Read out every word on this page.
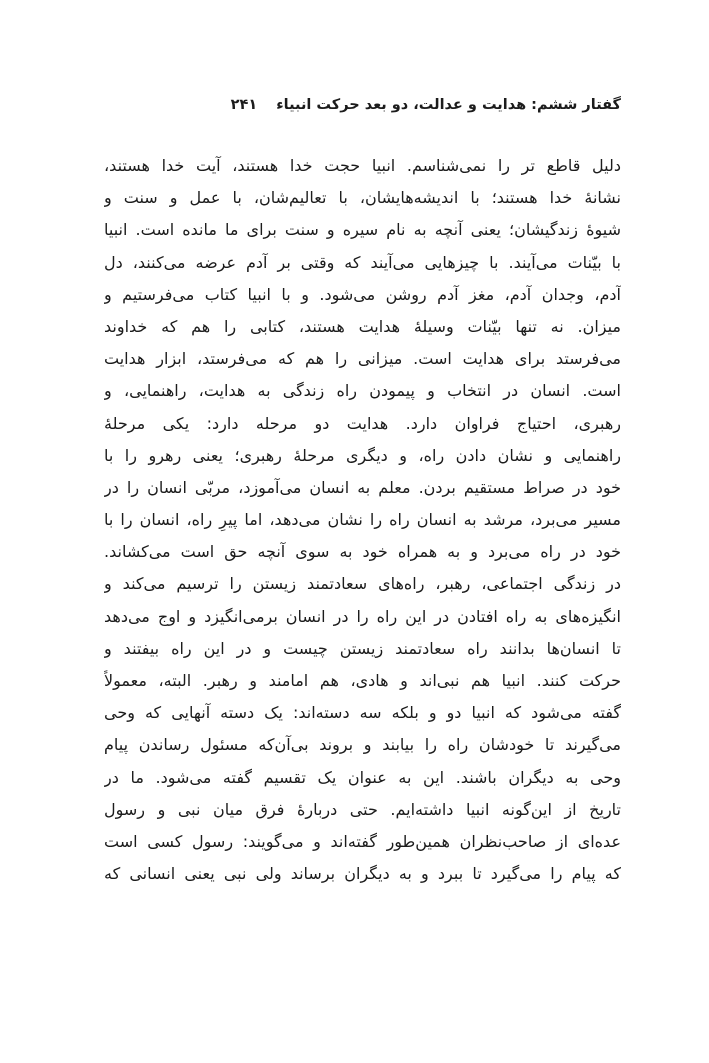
گفتار ششم: هدایت و عدالت، دو بعد حرکت انبیاء ۲۴۱
دلیل قاطع تر را نمی‌شناسم. انبیا حجت خدا هستند، آیت خدا هستند،
نشانهٔ خدا هستند؛ با اندیشه‌هایشان، با تعالیم‌شان، با عمل و سنت و
شیوهٔ زندگیشان؛ یعنی آنچه به نام سیره و سنت برای ما مانده است. انبیا
با بیّنات می‌آیند. با چیزهایی می‌آیند که وقتی بر آدم عرضه می‌کنند، دل
آدم، وجدان آدم، مغز آدم روشن می‌شود. و با انبیا کتاب می‌فرستیم و
میزان. نه تنها بیّنات وسیلهٔ هدایت هستند، کتابی را هم که خداوند
می‌فرستد برای هدایت است. میزانی را هم که می‌فرستد، ابزار هدایت
است. انسان در انتخاب و پیمودن راه زندگی به هدایت، راهنمایی، و
رهبری، احتیاج فراوان دارد. هدایت دو مرحله دارد: یکی مرحلهٔ
راهنمایی و نشان دادن راه، و دیگری مرحلهٔ رهبری؛ یعنی رهرو را با
خود در صراط مستقیم بردن. معلم به انسان می‌آموزد، مربّی انسان را در
مسیر می‌برد، مرشد به انسان راه را نشان می‌دهد، اما پیرِ راه، انسان را با
خود در راه می‌برد و به همراه خود به سوی آنچه حق است می‌کشاند.
در زندگی اجتماعی، رهبر، راه‌های سعادتمند زیستن را ترسیم می‌کند و
انگیزه‌های به راه افتادن در این راه را در انسان برمی‌انگیزد و اوج می‌دهد
تا انسان‌ها بدانند راه سعادتمند زیستن چیست و در این راه بیفتند و
حرکت کنند. انبیا هم نبی‌اند و هادی، هم امامند و رهبر. البته، معمولاً
گفته می‌شود که انبیا دو و بلکه سه دسته‌اند: یک دسته آنهایی که وحی
می‌گیرند تا خودشان راه را بیابند و بروند بی‌آن‌که مسئول رساندن پیام
وحی به دیگران باشند. این به عنوان یک تقسیم گفته می‌شود. ما در
تاریخ از این‌گونه انبیا داشته‌ایم. حتی دربارهٔ فرق میان نبی و رسول
عده‌ای از صاحب‌نظران همین‌طور گفته‌اند و می‌گویند: رسول کسی است
که پیام را می‌گیرد تا ببرد و به دیگران برساند ولی نبی یعنی انسانی که
